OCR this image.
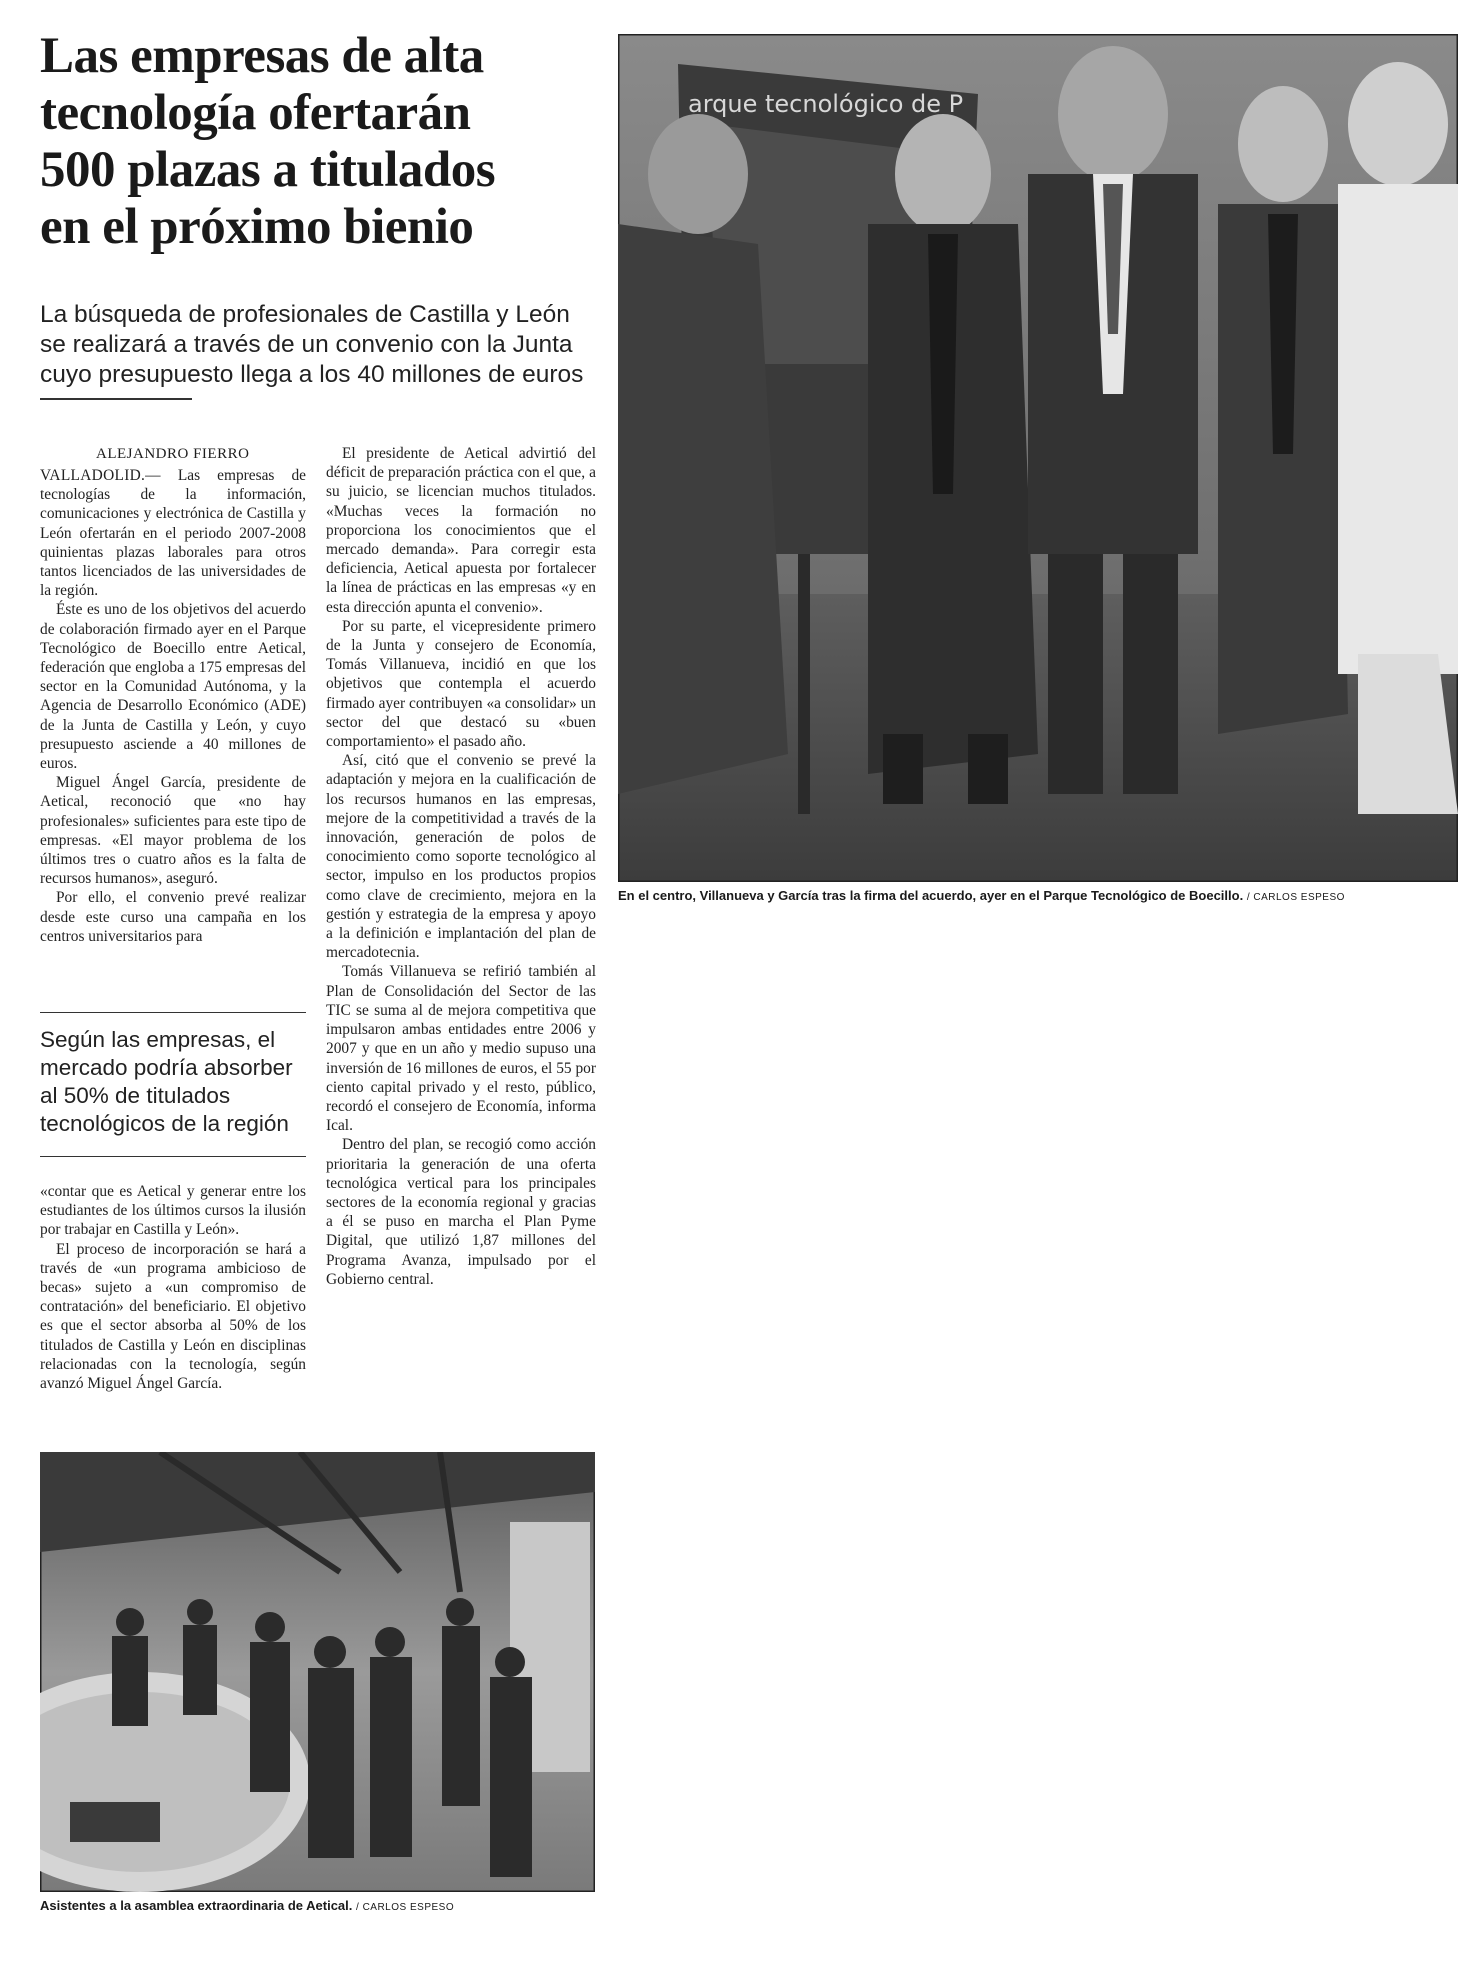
Las empresas de alta
tecnología ofertarán
500 plazas a titulados
en el próximo bienio
La búsqueda de profesionales de Castilla y León
se realizará a través de un convenio con la Junta
cuyo presupuesto llega a los 40 millones de euros
ALEJANDRO FIERRO

VALLADOLID.— Las empresas de tecnologías de la información, comunicaciones y electrónica de Castilla y León ofertarán en el periodo 2007-2008 quinientas plazas laborales para otros tantos licenciados de las universidades de la región.

Éste es uno de los objetivos del acuerdo de colaboración firmado ayer en el Parque Tecnológico de Boecillo entre Aetical, federación que engloba a 175 empresas del sector en la Comunidad Autónoma, y la Agencia de Desarrollo Económico (ADE) de la Junta de Castilla y León, y cuyo presupuesto asciende a 40 millones de euros.

Miguel Ángel García, presidente de Aetical, reconoció que «no hay profesionales» suficientes para este tipo de empresas. «El mayor problema de los últimos tres o cuatro años es la falta de recursos humanos», aseguró.

Por ello, el convenio prevé realizar desde este curso una campaña en los centros universitarios para

Según las empresas, el
mercado podría absorber
al 50% de titulados
tecnológicos de la región

«contar que es Aetical y generar entre los estudiantes de los últimos cursos la ilusión por trabajar en Castilla y León».

El proceso de incorporación se hará a través de «un programa ambicioso de becas» sujeto a «un compromiso de contratación» del beneficiario. El objetivo es que el sector absorba al 50% de los titulados de Castilla y León en disciplinas relacionadas con la tecnología, según avanzó Miguel Ángel García.

El presidente de Aetical advirtió del déficit de preparación práctica con el que, a su juicio, se licencian muchos titulados. «Muchas veces la formación no proporciona los conocimientos que el mercado demanda». Para corregir esta deficiencia, Aetical apuesta por fortalecer la línea de prácticas en las empresas «y en esta dirección apunta el convenio».

Por su parte, el vicepresidente primero de la Junta y consejero de Economía, Tomás Villanueva, incidió en que los objetivos que contempla el acuerdo firmado ayer contribuyen «a consolidar» un sector del que destacó su «buen comportamiento» el pasado año.

Así, citó que el convenio se prevé la adaptación y mejora en la cualificación de los recursos humanos en las empresas, mejore de la competitividad a través de la innovación, generación de polos de conocimiento como soporte tecnológico al sector, impulso en los productos propios como clave de crecimiento, mejora en la gestión y estrategia de la empresa y apoyo a la definición e implantación del plan de mercadotecnia.

Tomás Villanueva se refirió también al Plan de Consolidación del Sector de las TIC se suma al de mejora competitiva que impulsaron ambas entidades entre 2006 y 2007 y que en un año y medio supuso una inversión de 16 millones de euros, el 55 por ciento capital privado y el resto, público, recordó el consejero de Economía, informa Ical.

Dentro del plan, se recogió como acción prioritaria la generación de una oferta tecnológica vertical para los principales sectores de la economía regional y gracias a él se puso en marcha el Plan Pyme Digital, que utilizó 1,87 millones del Programa Avanza, impulsado por el Gobierno central.

arque tecnológico de P
En el centro, Villanueva y García tras la firma del acuerdo, ayer en el Parque Tecnológico de Boecillo. / CARLOS ESPESO
Asistentes a la asamblea extraordinaria de Aetical. / CARLOS ESPESO
